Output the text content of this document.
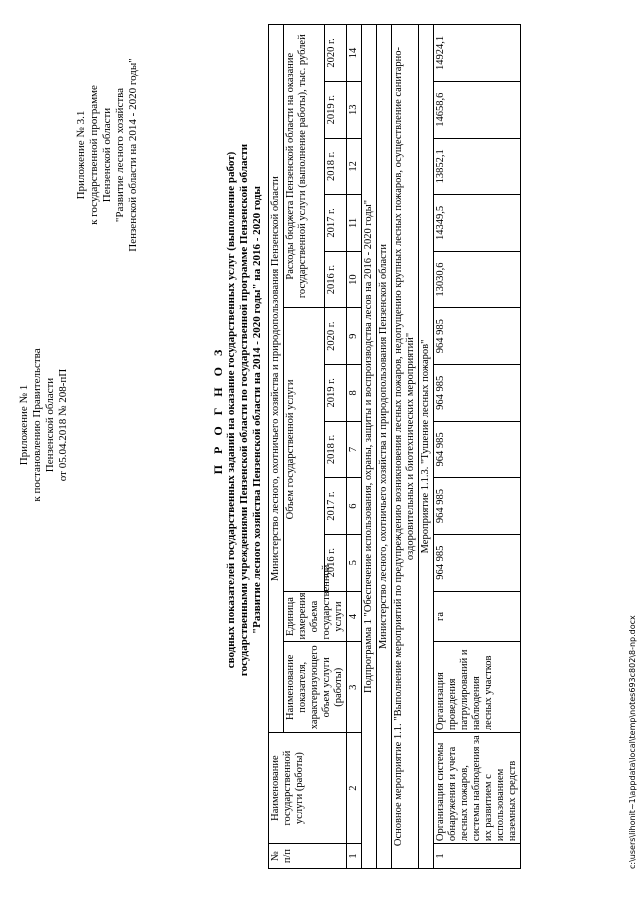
Приложение № 1 к постановлению Правительства Пензенской области от 05.04.2018 № 208-пП
Приложение № 3.1 к государственной программе Пензенской области "Развитие лесного хозяйства Пензенской области на 2014 - 2020 годы"
П Р О Г Н О З сводных показателей государственных заданий на оказание государственных услуг (выполнение работ) государственными учреждениями Пензенской области по государственной программе Пензенской области "Развитие лесного хозяйства Пензенской области на 2014 - 2020 годы" на 2016 - 2020 годы
№ п/п	Наименование государственной услуги (работы)	Министерство лесного, охотничьего хозяйства и природопользования Пензенской области											
		Наименование показателя, характеризующего объем услуги (работы)	Единица измерения объема государственной услуги	Объем государственной услуги					Расходы бюджета Пензенской области на оказание государственной услуги (выполнение работы), тыс. рублей				
				2016 г.	2017 г.	2018 г.	2019 г.	2020 г.	2016 г.	2017 г.	2018 г.	2019 г.	2020 г.
1	2	3	4	5	6	7	8	9	10	11	12	13	14
Подпрограмма 1 "Обеспечение использования, охраны, защиты и воспроизводства лесов на 2016 - 2020 годы"													
Министерство лесного, охотничьего хозяйства и природопользования Пензенской области													
Основное мероприятие 1.1. "Выполнение мероприятий по предупреждению возникновения лесных пожаров, недопущению крупных лесных пожаров, осуществление санитарно-оздоровительных и биотехнических мероприятий"													
Мероприятие 1.1.3. "Тушение лесных пожаров"													
1	Организация системы обнаружения и учета лесных пожаров, системы наблюдения за их развитием с использованием наземных средств	Организация проведения патрулирований и наблюдения лесных участков	га	964 985	964 985	964 985	964 985	964 985	13030,6	14349,5	13852,1	14658,6	14924,1
c:\users\lihonit~1\appdata\local\temp\notes693c802\8-np.docx
